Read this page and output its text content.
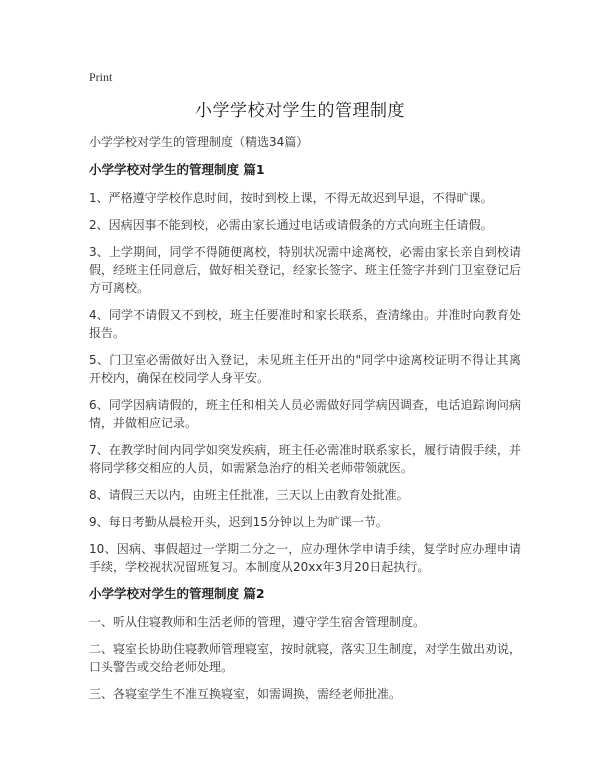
Print
小学学校对学生的管理制度

小学学校对学生的管理制度（精选34篇）

小学学校对学生的管理制度 篇1

1、严格遵守学校作息时间，按时到校上课，不得无故迟到早退，不得旷课。

2、因病因事不能到校，必需由家长通过电话或请假条的方式向班主任请假。

3、上学期间，同学不得随便离校，特别状况需中途离校，必需由家长亲自到校请假，经班主任同意后，做好相关登记，经家长签字、班主任签字并到门卫室登记后方可离校。

4、同学不请假又不到校，班主任要准时和家长联系，查清缘由。并准时向教育处报告。

5、门卫室必需做好出入登记，未见班主任开出的"同学中途离校证明不得让其离开校内，确保在校同学人身平安。

6、同学因病请假的，班主任和相关人员必需做好同学病因调查，电话追踪询问病情，并做相应记录。

7、在教学时间内同学如突发疾病，班主任必需准时联系家长，履行请假手续，并将同学移交相应的人员，如需紧急治疗的相关老师带领就医。

8、请假三天以内，由班主任批准，三天以上由教育处批准。

9、每日考勤从晨检开头，迟到15分钟以上为旷课一节。

10、因病、事假超过一学期二分之一，应办理休学申请手续，复学时应办理申请手续，学校视状况留班复习。本制度从20xx年3月20日起执行。

小学学校对学生的管理制度 篇2

一、听从住寝教师和生活老师的管理，遵守学生宿舍管理制度。

二、寝室长协助住寝教师管理寝室，按时就寝，落实卫生制度，对学生做出劝说，口头警告或交给老师处理。

三、各寝室学生不准互换寝室，如需调换，需经老师批准。
